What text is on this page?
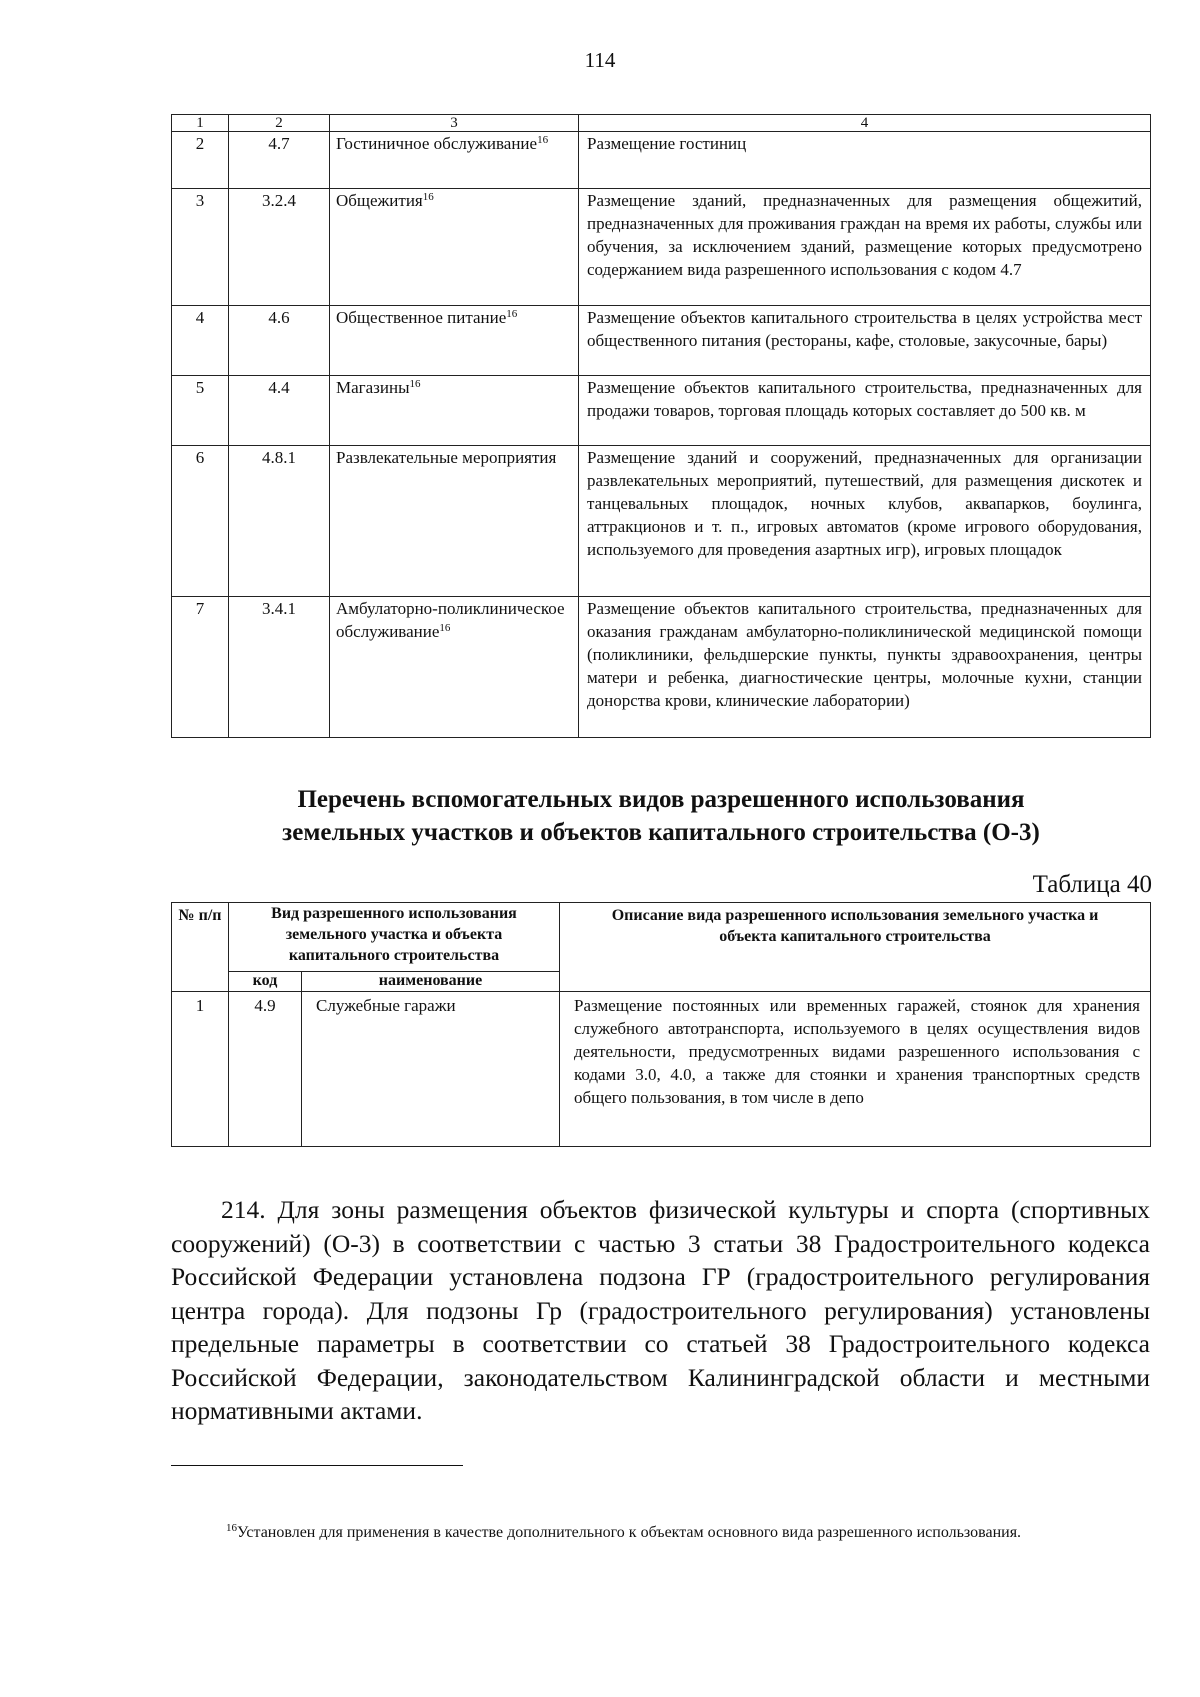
114
1	2	3	4
2	4.7	Гостиничное обслуживание$^{16}$	Размещение гостиниц
3	3.2.4	Общежития$^{16}$	Размещение зданий, предназначенных для размещения общежитий, предназначенных для проживания граждан на время их работы, службы или обучения, за исключением зданий, размещение которых предусмотрено содержанием вида разрешенного использования с кодом 4.7
4	4.6	Общественное питание$^{16}$	Размещение объектов капитального строительства в целях устройства мест общественного питания (рестораны, кафе, столовые, закусочные, бары)
5	4.4	Магазины$^{16}$	Размещение объектов капитального строительства, предназначенных для продажи товаров, торговая площадь которых составляет до 500 кв. м
6	4.8.1	Развлекательные мероприятия	Размещение зданий и сооружений, предназначенных для организации развлекательных мероприятий, путешествий, для размещения дискотек и танцевальных площадок, ночных клубов, аквапарков, боулинга, аттракционов и т. п., игровых автоматов (кроме игрового оборудования, используемого для проведения азартных игр), игровых площадок
7	3.4.1	Амбулаторно-поликлиническое обслуживание$^{16}$	Размещение объектов капитального строительства, предназначенных для оказания гражданам амбулаторно-поликлинической медицинской помощи (поликлиники, фельдшерские пункты, пункты здравоохранения, центры матери и ребенка, диагностические центры, молочные кухни, станции донорства крови, клинические лаборатории)
Перечень вспомогательных видов разрешенного использования
земельных участков и объектов капитального строительства (О-3)
Таблица 40
№ п/п	Вид разрешенного использования земельного участка и объекта капитального строительства		Описание вида разрешенного использования земельного участка и объекта капитального строительства
	код	наименование	
1	4.9	Служебные гаражи	Размещение постоянных или временных гаражей, стоянок для хранения служебного автотранспорта, используемого в целях осуществления видов деятельности, предусмотренных видами разрешенного использования с кодами 3.0, 4.0, а также для стоянки и хранения транспортных средств общего пользования, в том числе в депо

214. Для зоны размещения объектов физической культуры и спорта (спортивных сооружений) (О-3) в соответствии с частью 3 статьи 38 Градостроительного кодекса Российской Федерации установлена подзона ГР (градостроительного регулирования центра города). Для подзоны Гр (градостроительного регулирования) установлены предельные параметры в соответствии со статьей 38 Градостроительного кодекса Российской Федерации, законодательством Калининградской области и местными нормативными актами.

$^{16}$Установлен для применения в качестве дополнительного к объектам основного вида разрешенного использования.
